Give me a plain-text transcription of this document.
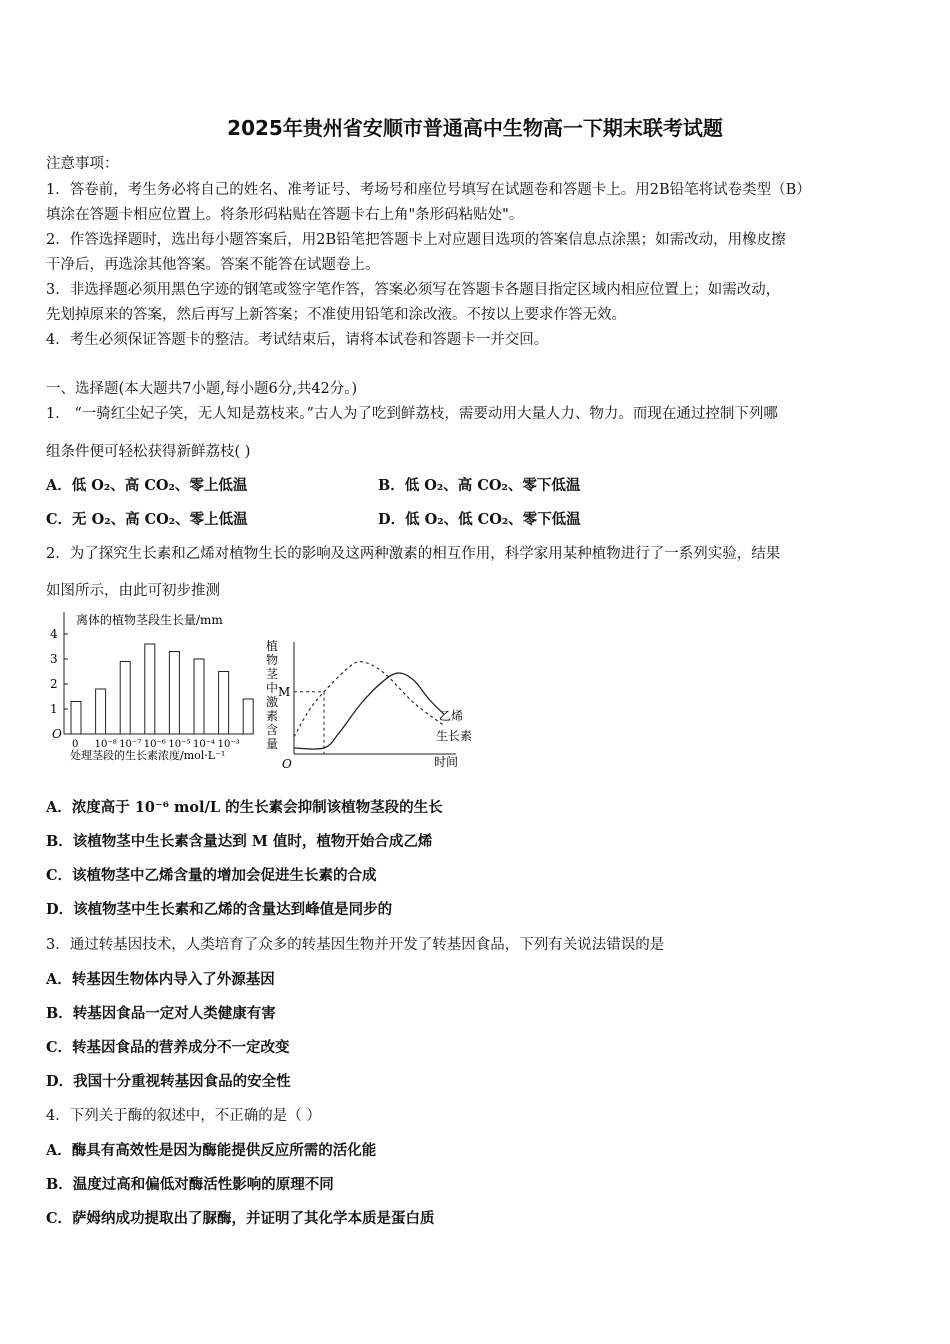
2025年贵州省安顺市普通高中生物高一下期末联考试题
注意事项：
1．答卷前，考生务必将自己的姓名、准考证号、考场号和座位号填写在试题卷和答题卡上。用2B铅笔将试卷类型（B）
填涂在答题卡相应位置上。将条形码粘贴在答题卡右上角"条形码粘贴处"。
2．作答选择题时，选出每小题答案后，用2B铅笔把答题卡上对应题目选项的答案信息点涂黑；如需改动，用橡皮擦
干净后，再选涂其他答案。答案不能答在试题卷上。
3．非选择题必须用黑色字迹的钢笔或签字笔作答，答案必须写在答题卡各题目指定区域内相应位置上；如需改动，
先划掉原来的答案，然后再写上新答案；不准使用铅笔和涂改液。不按以上要求作答无效。
4．考生必须保证答题卡的整洁。考试结束后，请将本试卷和答题卡一并交回。
一、选择题(本大题共7小题,每小题6分,共42分。)
1． “一骑红尘妃子笑，无人知是荔枝来。”古人为了吃到鲜荔枝，需要动用大量人力、物力。而现在通过控制下列哪
组条件便可轻松获得新鲜荔枝( )
A．低 O₂、高 CO₂、零上低温	B．低 O₂、高 CO₂、零下低温
C．无 O₂、高 CO₂、零上低温	D．低 O₂、低 CO₂、零下低温
2．为了探究生长素和乙烯对植物生长的影响及这两种激素的相互作用，科学家用某种植物进行了一系列实验，结果
如图所示，由此可初步推测
离体的植物茎段生长量/mm
O
处理茎段的生长素浓度/mol·L⁻¹
1
2
3
4
0 10⁻⁸ 10⁻⁷ 10⁻⁶ 10⁻⁵ 10⁻⁴ 10⁻³
植物茎中激素含量
O	时间
M
乙烯
生长素
A．浓度高于 10⁻⁶ mol/L 的生长素会抑制该植物茎段的生长
B．该植物茎中生长素含量达到 M 值时，植物开始合成乙烯
C．该植物茎中乙烯含量的增加会促进生长素的合成
D．该植物茎中生长素和乙烯的含量达到峰值是同步的
3．通过转基因技术，人类培育了众多的转基因生物并开发了转基因食品，下列有关说法错误的是
A．转基因生物体内导入了外源基因
B．转基因食品一定对人类健康有害
C．转基因食品的营养成分不一定改变
D．我国十分重视转基因食品的安全性
4．下列关于酶的叙述中，不正确的是（ ）
A．酶具有高效性是因为酶能提供反应所需的活化能
B．温度过高和偏低对酶活性影响的原理不同
C．萨姆纳成功提取出了脲酶，并证明了其化学本质是蛋白质
